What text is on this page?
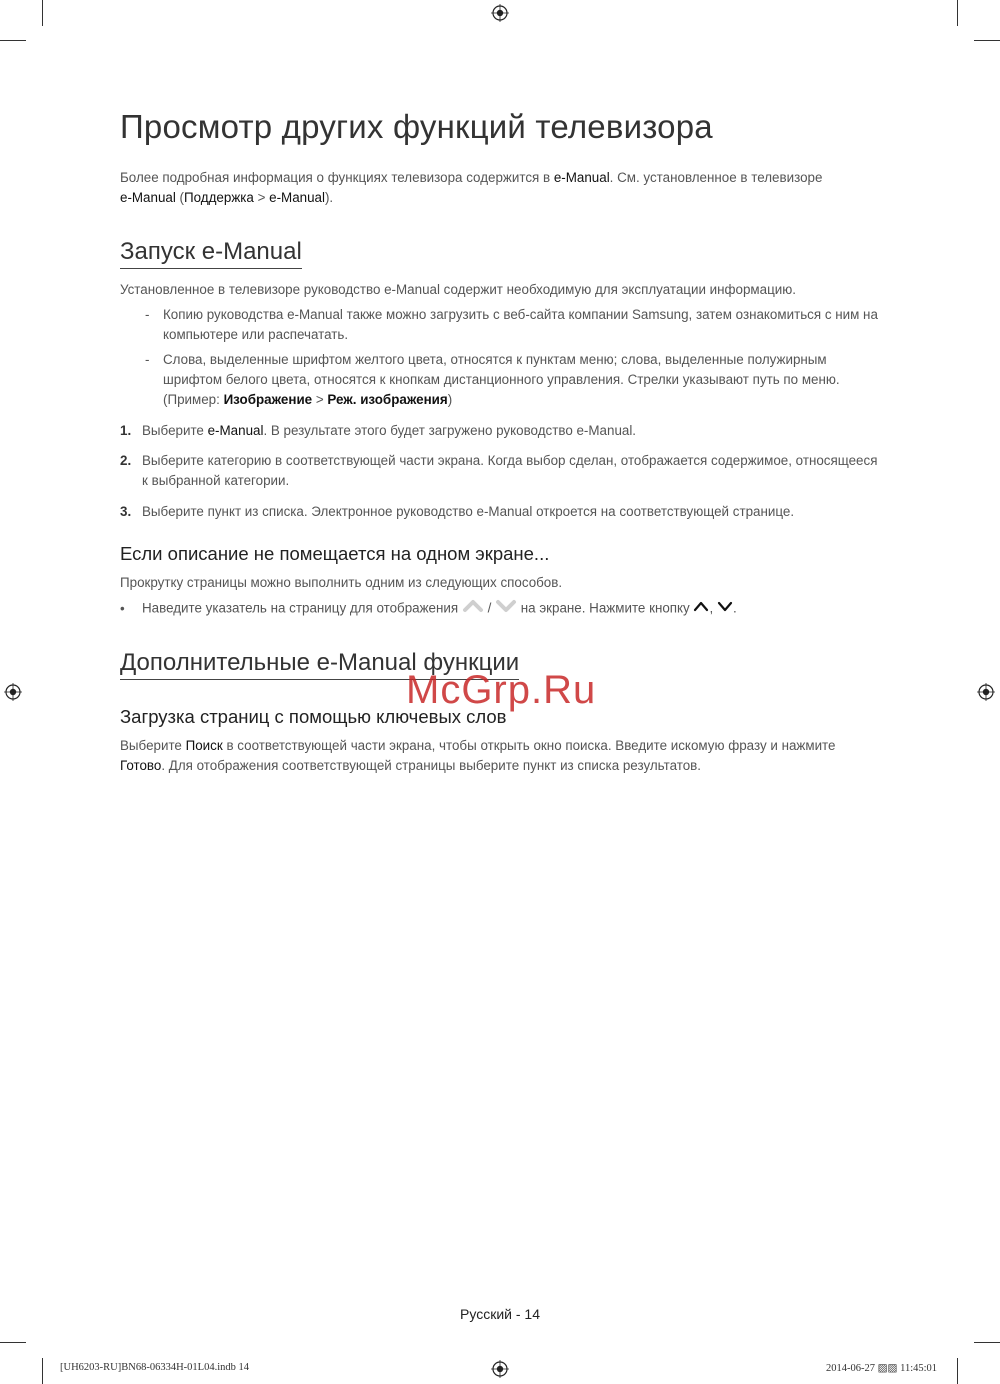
Просмотр других функций телевизора
Более подробная информация о функциях телевизора содержится в e-Manual. См. установленное в телевизоре
e-Manual (Поддержка > e-Manual).
Запуск e-Manual
Установленное в телевизоре руководство e-Manual содержит необходимую для эксплуатации информацию.
- Копию руководства e-Manual также можно загрузить с веб-сайта компании Samsung, затем ознакомиться с ним на компьютере или распечатать.
- Слова, выделенные шрифтом желтого цвета, относятся к пунктам меню; слова, выделенные полужирным шрифтом белого цвета, относятся к кнопкам дистанционного управления. Стрелки указывают путь по меню. (Пример: Изображение > Реж. изображения)
1. Выберите e-Manual. В результате этого будет загружено руководство e-Manual.
2. Выберите категорию в соответствующей части экрана. Когда выбор сделан, отображается содержимое, относящееся к выбранной категории.
3. Выберите пункт из списка. Электронное руководство e-Manual откроется на соответствующей странице.
Если описание не помещается на одном экране...
Прокрутку страницы можно выполнить одним из следующих способов.
• Наведите указатель на страницу для отображения  /  на экране. Нажмите кнопку , .
Дополнительные e-Manual функции
Загрузка страниц с помощью ключевых слов
Выберите Поиск в соответствующей части экрана, чтобы открыть окно поиска. Введите искомую фразу и нажмите
Готово. Для отображения соответствующей страницы выберите пункт из списка результатов.
McGrp.Ru
Русский - 14
[UH6203-RU]BN68-06334H-01L04.indb 14	2014-06-27 ▨▨ 11:45:01
